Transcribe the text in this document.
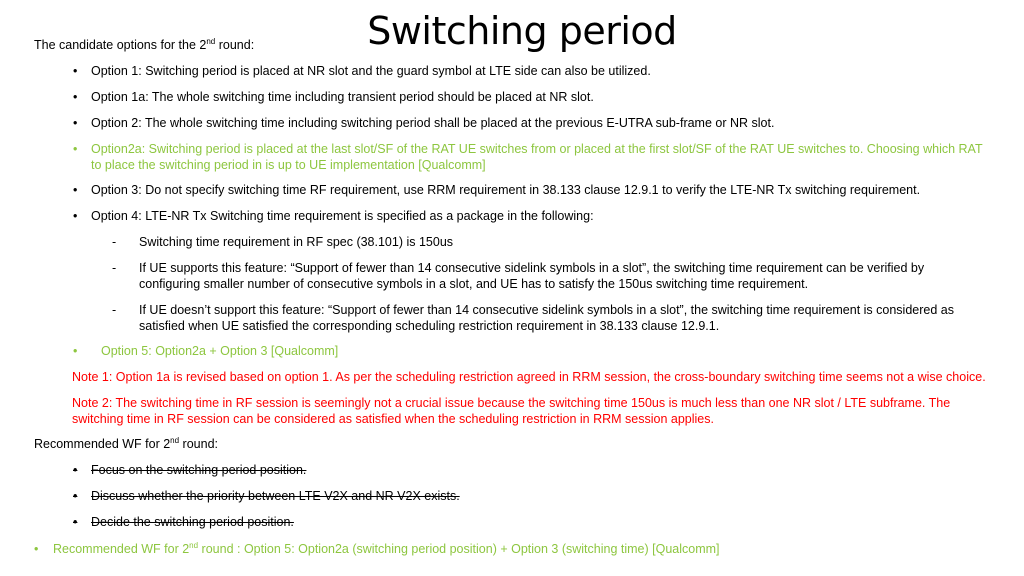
Switching period
The candidate options for the 2nd round:
• Option 1: Switching period is placed at NR slot and the guard symbol at LTE side can also be utilized.
• Option 1a: The whole switching time including transient period should be placed at NR slot.
• Option 2: The whole switching time including switching period shall be placed at the previous E-UTRA sub-frame or NR slot.
• Option2a: Switching period is placed at the last slot/SF of the RAT UE switches from or placed at the first slot/SF of the RAT UE switches to. Choosing which RAT to place the switching period in is up to UE implementation [Qualcomm]
• Option 3: Do not specify switching time RF requirement, use RRM requirement in 38.133 clause 12.9.1 to verify the LTE-NR Tx switching requirement.
• Option 4: LTE-NR Tx Switching time requirement is specified as a package in the following:
- Switching time requirement in RF spec (38.101) is 150us
- If UE supports this feature: “Support of fewer than 14 consecutive sidelink symbols in a slot”, the switching time requirement can be verified by configuring smaller number of consecutive symbols in a slot, and UE has to satisfy the 150us switching time requirement.
- If UE doesn’t support this feature: “Support of fewer than 14 consecutive sidelink symbols in a slot”, the switching time requirement is considered as satisfied when UE satisfied the corresponding scheduling restriction requirement in 38.133 clause 12.9.1.
• Option 5: Option2a + Option 3 [Qualcomm]
Note 1: Option 1a is revised based on option 1. As per the scheduling restriction agreed in RRM session, the cross-boundary switching time seems not a wise choice.
Note 2: The switching time in RF session is seemingly not a crucial issue because the switching time 150us is much less than one NR slot / LTE subframe. The switching time in RF session can be considered as satisfied when the scheduling restriction in RRM session applies.
Recommended WF for 2nd round:
• Focus on the switching period position.
• Discuss whether the priority between LTE V2X and NR V2X exists.
• Decide the switching period position.
• Recommended WF for 2nd round : Option 5: Option2a (switching period position) + Option 3 (switching time) [Qualcomm]
